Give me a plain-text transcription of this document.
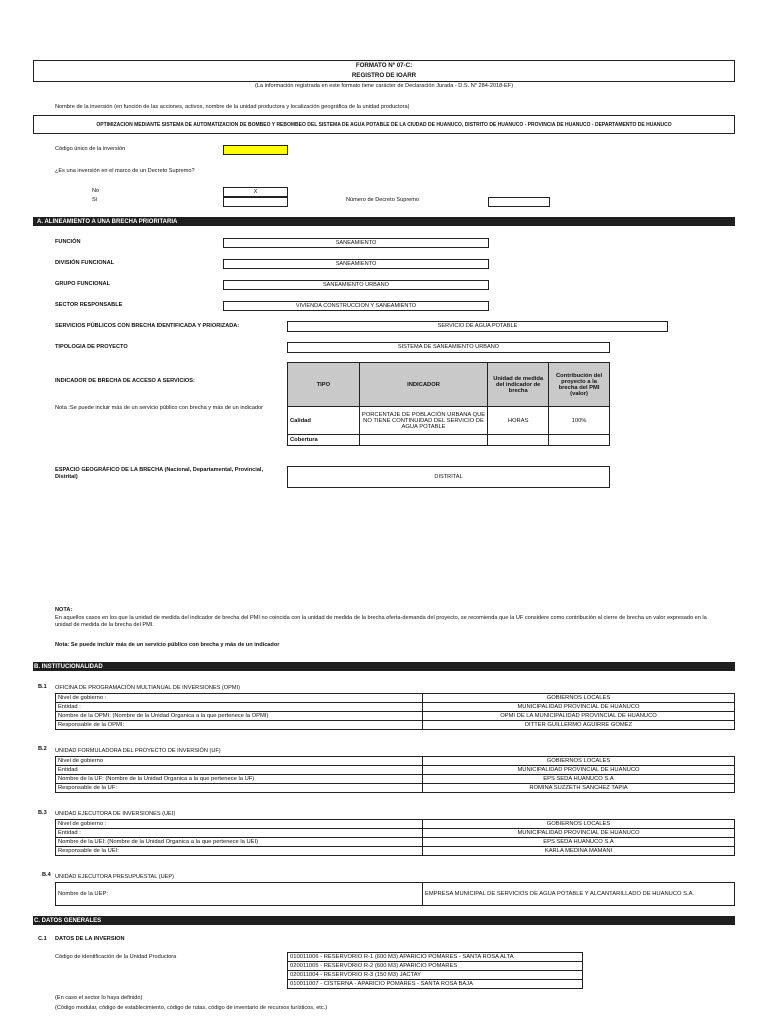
FORMATO Nº 07-C:
REGISTRO DE IOARR
(La información registrada en este formato tiene carácter de Declaración Jurada - D.S. N° 284-2018-EF)
Nombre de la inversión (en función de las acciones, activos, nombre de la unidad productora y localización geográfica de la unidad productora)
OPTIMIZACION MEDIANTE SISTEMA DE AUTOMATIZACION DE BOMBEO Y REBOMBEO DEL SISTEMA DE AGUA POTABLE DE LA CIUDAD DE HUANUCO, DISTRITO DE HUANUCO - PROVINCIA DE HUANUCO - DEPARTAMENTO DE HUANUCO
Código único de la inversión
¿Es una inversión en el marco de un Decreto Supremo?
No	X
Sí	Número de Decreto Supremo
A. ALINEAMIENTO A UNA BRECHA PRIORITARIA
FUNCIÓN	SANEAMIENTO
DIVISIÓN FUNCIONAL	SANEAMIENTO
GRUPO FUNCIONAL	SANEAMIENTO URBANO
SECTOR RESPONSABLE	VIVIENDA CONSTRUCCION Y SANEAMIENTO
SERVICIOS PÚBLICOS CON BRECHA IDENTIFICADA Y PRIORIZADA:	SERVICIO DE AGUA POTABLE
TIPOLOGIA DE PROYECTO	SISTEMA DE SANEAMIENTO URBANO
INDICADOR DE BRECHA DE ACCESO A SERVICIOS:
Nota :Se puede incluir más de un servicio público con brecha y más de un indicador
TIPO	INDICADOR	Unidad de medida del indicador de brecha	Contribución del proyecto a la brecha del PMI (valor)
Calidad	PORCENTAJE DE POBLACIÓN URBANA QUE NO TIENE CONTINUIDAD DEL SERVICIO DE AGUA POTABLE	HORAS	100%
Cobertura			
ESPACIO GEOGRÁFICO DE LA BRECHA (Nacional, Departamental, Provincial, Distrital)	DISTRITAL
NOTA:
En aquellos casos en los que la unidad de medida del indicador de brecha del PMI no coincida con la unidad de medida de la brecha oferta-demanda del proyecto, se recomienda que la UF considere como contribución al cierre de brecha un valor expresado en la unidad de medida de la brecha del PMI.
Nota: Se puede incluir más de un servicio público con brecha y más de un indicador
B. INSTITUCIONALIDAD
B.1 OFICINA DE PROGRAMACIÓN MULTIANUAL DE INVERSIONES (OPMI)
Nivel de gobierno :	GOBIERNOS LOCALES
Entidad :	MUNICIPALIDAD PROVINCIAL DE HUANUCO
Nombre de la OPMI: (Nombre de la Unidad Organica a la que pertenece la OPMI)	OPMI DE LA MUNICIPALIDAD PROVINCIAL DE HUANUCO
Responsable de la OPMI:	DITTER GUILLERMO AGUIRRE GOMEZ
B.2 UNIDAD FORMULADORA DEL PROYECTO DE INVERSIÓN (UF)
Nivel de gobierno	GOBIERNOS LOCALES
Entidad	MUNICIPALIDAD PROVINCIAL DE HUANUCO
Nombre de la UF: (Nombre de la Unidad Organica a la que pertenece la UF)	EPS SEDA HUANUCO S.A
Responsable de la UF:	ROMINA SUZZETH SANCHEZ TAPIA
B.3 UNIDAD EJECUTORA DE INVERSIONES (UEI)
Nivel de gobierno :	GOBIERNOS LOCALES
Entidad :	MUNICIPALIDAD PROVINCIAL DE HUANUCO
Nombre de la UEI: (Nombre de la Unidad Organica a la que pertenece la UEI)	EPS SEDA HUANUCO S.A
Responsable de la UEI:	KARLA MEDINA MAMANI
B.4 UNIDAD EJECUTORA PRESUPUESTAL (UEP)
Nombre de la UEP:	EMPRESA MUNICIPAL DE SERVICIOS DE AGUA POTABLE Y ALCANTARILLADO DE HUANUCO S.A.
C. DATOS GENERALES
C.1 DATOS DE LA INVERSION
Código de identificación de la Unidad Productora	010011006 - RESERVORIO R-1 (600 M3) APARICIO POMARES - SANTA ROSA ALTA
020011005 - RESERVORIO R-2 (600 M3) APARICIO POMARES
020011004 - RESERVORIO R-3 (150 M3) JACTAY
010011007 - CISTERNA - APARICIO POMARES - SANTA ROSA BAJA
(En caso el sector lo haya definido)
(Código modular, código de establecimiento, código de rutas, código de inventario de recursos turísticos, etc.)
